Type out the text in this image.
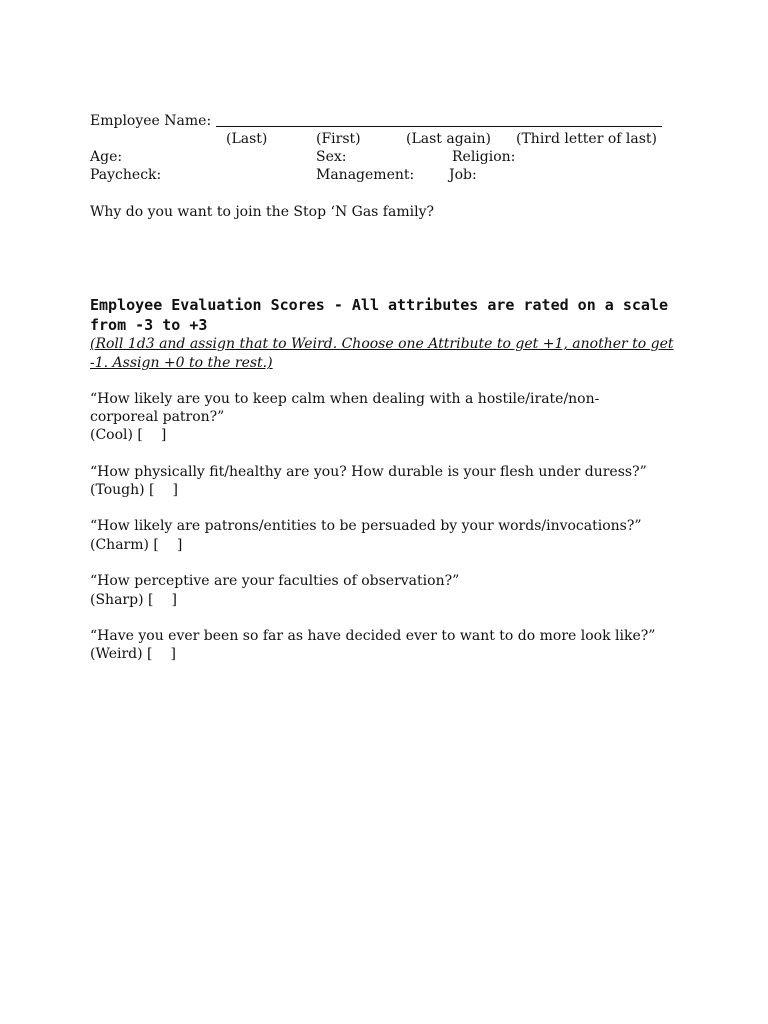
Employee Name:
(Last)	(First)	(Last again) (Third letter of last)
Age:	Sex:	Religion:
Paycheck:	Management: Job:
Why do you want to join the Stop ‘N Gas family?
Employee Evaluation Scores - All attributes are rated on a scale
from -3 to +3
(Roll 1d3 and assign that to Weird. Choose one Attribute to get +1, another to get
-1. Assign +0 to the rest.)
“How likely are you to keep calm when dealing with a hostile/irate/non-
corporeal patron?”
(Cool) [ ]
“How physically fit/healthy are you? How durable is your flesh under duress?”
(Tough) [ ]
“How likely are patrons/entities to be persuaded by your words/invocations?”
(Charm) [ ]
“How perceptive are your faculties of observation?”
(Sharp) [ ]
“Have you ever been so far as have decided ever to want to do more look like?”
(Weird) [ ]
